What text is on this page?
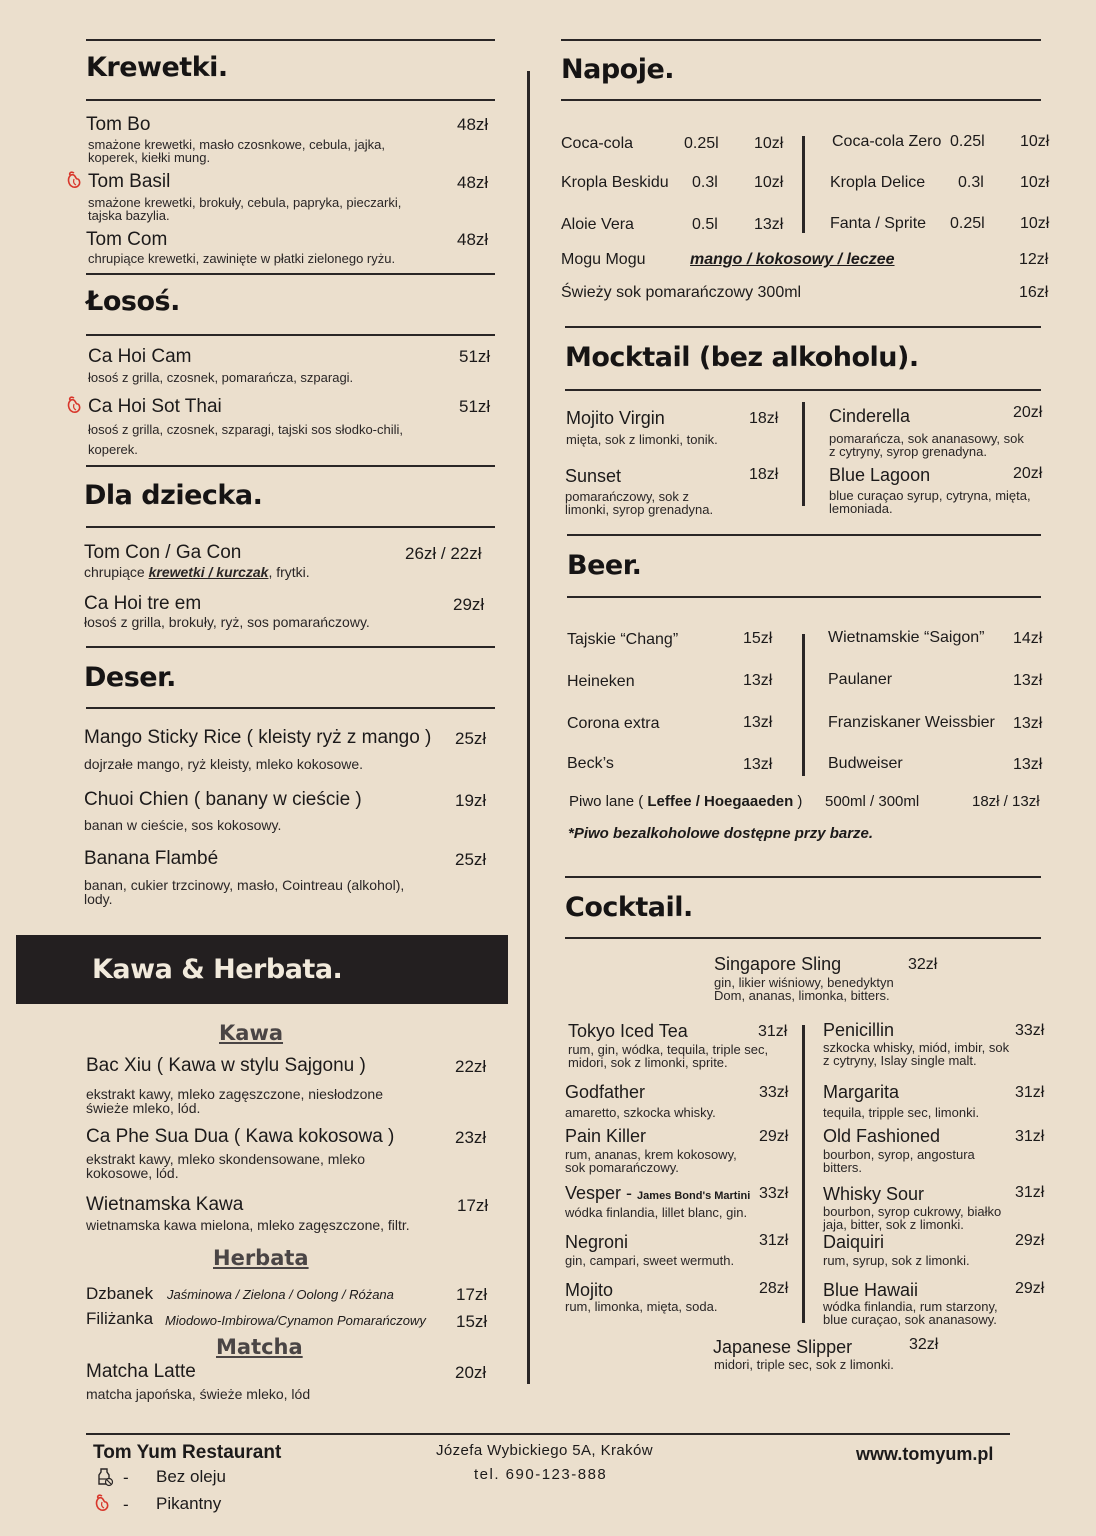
Krewetki.
Tom Bo	48zł
smażone krewetki, masło czosnkowe, cebula, jajka, koperek, kiełki mung.
Tom Basil	48zł
smażone krewetki, brokuły, cebula, papryka, pieczarki, tajska bazylia.
Tom Com	48zł
chrupiące krewetki, zawinięte w płatki zielonego ryżu.
Łosoś.
Ca Hoi Cam	51zł
łosoś z grilla, czosnek, pomarańcza, szparagi.
Ca Hoi Sot Thai	51zł
łosoś z grilla, czosnek, szparagi, tajski sos słodko-chili, koperek.
Dla dziecka.
Tom Con / Ga Con	26zł / 22zł
chrupiące krewetki / kurczak, frytki.
Ca Hoi tre em	29zł
łosoś z grilla, brokuły, ryż, sos pomarańczowy.
Deser.
Mango Sticky Rice ( kleisty ryż z mango ) 25zł
dojrzałe mango, ryż kleisty, mleko kokosowe.
Chuoi Chien ( banany w cieście )	19zł
banan w cieście, sos kokosowy.
Banana Flambé	25zł
banan, cukier trzcinowy, masło, Cointreau (alkohol), lody.
Kawa & Herbata.
Kawa
Bac Xiu ( Kawa w stylu Sajgonu )	22zł
ekstrakt kawy, mleko zagęszczone, niesłodzone świeże mleko, lód.
Ca Phe Sua Dua ( Kawa kokosowa )	23zł
ekstrakt kawy, mleko skondensowane, mleko kokosowe, lód.
Wietnamska Kawa	17zł
wietnamska kawa mielona, mleko zagęszczone, filtr.
Herbata
Dzbanek Jaśminowa / Zielona / Oolong / Różana	17zł
Filiżanka Miodowo-Imbirowa/Cynamon Pomarańczowy 15zł
Matcha
Matcha Latte	20zł
matcha japońska, świeże mleko, lód
Napoje.
Coca-cola	0.25l 10zł
Kropla Beskidu 0.3l 10zł
Aloie Vera	0.5l 13zł
Coca-cola Zero 0.25l 10zł
Kropla Delice 0.3l 10zł
Fanta / Sprite 0.25l 10zł
Mogu Mogu	mango / kokosowy / leczee	12zł
Świeży sok pomarańczowy 300ml	16zł
Mocktail (bez alkoholu).
Mojito Virgin	18zł
mięta, sok z limonki, tonik.
Sunset	18zł
pomarańczowy, sok z limonki, syrop grenadyna.
Cinderella	20zł
pomarańcza, sok ananasowy, sok z cytryny, syrop grenadyna.
Blue Lagoon	20zł
blue curaçao syrup, cytryna, mięta, lemoniada.
Beer.
Tajskie “Chang”	15zł
Heineken	13zł
Corona extra	13zł
Beck’s	13zł
Wietnamskie “Saigon” 14zł
Paulaner	13zł
Franziskaner Weissbier 13zł
Budweiser	13zł
Piwo lane ( Leffee / Hoegaaeden ) 500ml / 300ml	18zł / 13zł
*Piwo bezalkoholowe dostępne przy barze.
Cocktail.
Singapore Sling	32zł
gin, likier wiśniowy, benedyktyn Dom, ananas, limonka, bitters.
Tokyo Iced Tea	31zł
rum, gin, wódka, tequila, triple sec, midori, sok z limonki, sprite.
Godfather	33zł
amaretto, szkocka whisky.
Pain Killer	29zł
rum, ananas, krem kokosowy, sok pomarańczowy.
Vesper - James Bond's Martini 33zł
wódka finlandia, lillet blanc, gin.
Negroni	31zł
gin, campari, sweet wermuth.
Mojito	28zł
rum, limonka, mięta, soda.
Penicillin	33zł
szkocka whisky, miód, imbir, sok z cytryny, Islay single malt.
Margarita	31zł
tequila, tripple sec, limonki.
Old Fashioned	31zł
bourbon, syrop, angostura bitters.
Whisky Sour	31zł
bourbon, syrop cukrowy, białko jaja, bitter, sok z limonki.
Daiquiri	29zł
rum, syrup, sok z limonki.
Blue Hawaii	29zł
wódka finlandia, rum starzony, blue curaçao, sok ananasowy.
Japanese Slipper	32zł
midori, triple sec, sok z limonki.
Tom Yum Restaurant
- Bez oleju
- Pikantny
Józefa Wybickiego 5A, Kraków
tel. 690-123-888
www.tomyum.pl
